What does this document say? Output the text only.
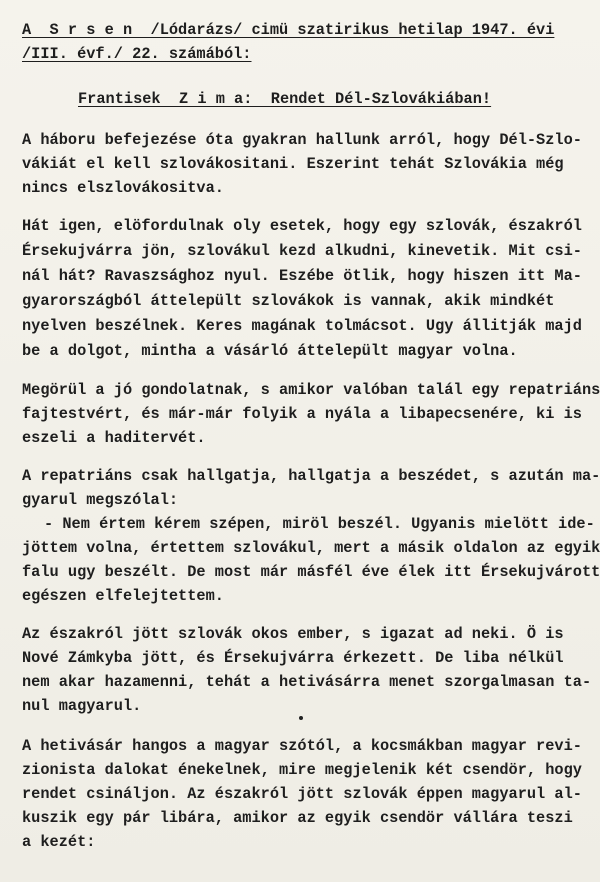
A  S r s e n  /Lódarázs/ cimü szatirikus hetilap 1947. évi
/III. évf./ 22. számából:
Frantisek  Z i m a:  Rendet Dél-Szlovákiában!
A háboru befejezése óta gyakran hallunk arról, hogy Dél-Szlo-
vákiát el kell szlovákositani. Eszerint tehát Szlovákia még
nincs elszlovákositva.
Hát igen, elöfordulnak oly esetek, hogy egy szlovák, északról
Érsekujvárra jön, szlovákul kezd alkudni, kinevetik. Mit csi-
nál hát? Ravaszsághoz nyul. Eszébe ötlik, hogy hiszen itt Ma-
gyarországból áttelepült szlovákok is vannak, akik mindkét
nyelven beszélnek. Keres magának tolmácsot. Ugy állitják majd
be a dolgot, mintha a vásárló áttelepült magyar volna.
Megörül a jó gondolatnak, s amikor valóban talál egy repatriáns
fajtestvért, és már-már folyik a nyála a libapecsenére, ki is
eszeli a haditervét.
A repatriáns csak hallgatja, hallgatja a beszédet, s azután ma-
gyarul megszólal:
- Nem értem kérem szépen, miröl beszél. Ugyanis mielött ide-
jöttem volna, értettem szlovákul, mert a másik oldalon az egyik
falu ugy beszélt. De most már másfél éve élek itt Érsekujvárott
egészen elfelejtettem.
Az északról jött szlovák okos ember, s igazat ad neki. Ö is
Nové Zámkyba jött, és Érsekujvárra érkezett. De liba nélkül
nem akar hazamenni, tehát a hetivásárra menet szorgalmasan ta-
nul magyarul.
A hetivásár hangos a magyar szótól, a kocsmákban magyar revi-
zionista dalokat énekelnek, mire megjelenik két csendör, hogy
rendet csináljon. Az északról jött szlovák éppen magyarul al-
kuszik egy pár libára, amikor az egyik csendör vállára teszi
a kezét:
